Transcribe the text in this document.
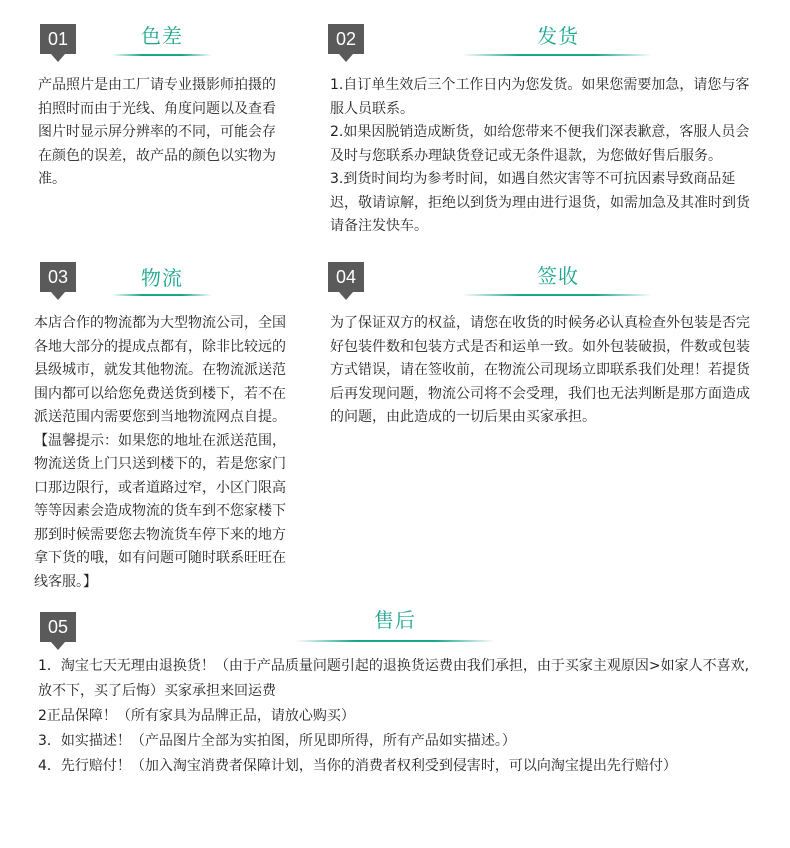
01	色差

产品照片是由工厂请专业摄影师拍摄的拍照时而由于光线、角度问题以及查看图片时显示屏分辨率的不同，可能会存在颜色的误差，故产品的颜色以实物为准。

02	发货

1.自订单生效后三个工作日内为您发货。如果您需要加急，请您与客服人员联系。

2.如果因脱销造成断货，如给您带来不便我们深表歉意，客服人员会及时与您联系办理缺货登记或无条件退款，为您做好售后服务。

3.到货时间均为参考时间，如遇自然灾害等不可抗因素导致商品延迟，敬请谅解，拒绝以到货为理由进行退货，如需加急及其准时到货请备注发快车。

03	物流

本店合作的物流都为大型物流公司，全国各地大部分的提成点都有，除非比较远的县级城市，就发其他物流。在物流派送范围内都可以给您免费送货到楼下，若不在派送范围内需要您到当地物流网点自提。

【温馨提示：如果您的地址在派送范围，物流送货上门只送到楼下的，若是您家门口那边限行，或者道路过窄，小区门限高等等因素会造成物流的货车到不您家楼下那到时候需要您去物流货车停下来的地方拿下货的哦，如有问题可随时联系旺旺在线客服。】

04	签收

为了保证双方的权益，请您在收货的时候务必认真检查外包装是否完好包装件数和包装方式是否和运单一致。如外包装破损，件数或包装方式错误，请在签收前，在物流公司现场立即联系我们处理！若提货后再发现问题，物流公司将不会受理，我们也无法判断是那方面造成的问题，由此造成的一切后果由买家承担。

05	售后

1．淘宝七天无理由退换货！（由于产品质量问题引起的退换货运费由我们承担，由于买家主观原因>如家人不喜欢,

放不下，买了后悔）买家承担来回运费

2正品保障！（所有家具为品牌正品，请放心购买）

3．如实描述！（产品图片全部为实拍图，所见即所得，所有产品如实描述。）

4．先行赔付！（加入淘宝消费者保障计划，当你的消费者权利受到侵害时，可以向淘宝提出先行赔付）
